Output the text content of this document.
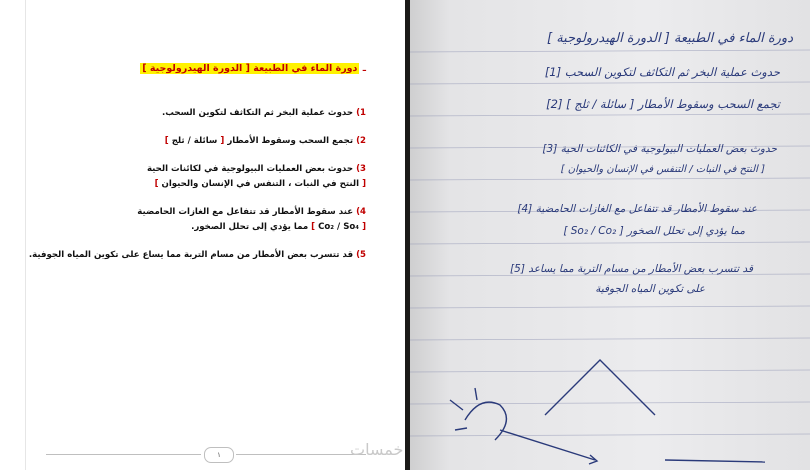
ـ دورة الماء في الطبيعة [ الدورة الهيدرولوجية ]
1) حدوث عملية البخر ثم التكاثف لتكوين السحب.
2) تجمع السحب وسقوط الأمطار [ سائلة / ثلج ]
3) حدوث بعض العمليات البيولوجية في لكائنات الحية
[ النتح في النبات ، التنفس في الإنسان والحيوان ]
4) عند سقوط الأمطار قد تتفاعل مع الغازات الحامضية
[ Co₂ / So₄ ] مما يؤدي إلى تحلل الصخور.
5) قد تتسرب بعض الأمطار من مسام التربة مما يساع على تكوين المياه الجوفية.
١
دورة الماء في الطبيعة [ الدورة الهيدرولوجية ]
[1] حدوث عملية البخر ثم التكاثف لتكوين السحب
[2] تجمع السحب وسقوط الأمطار [ سائلة / ثلج ]
[3] حدوث بعض العمليات البيولوجية في الكائنات الحية
[ النتح في النبات / التنفس في الإنسان والحيوان ]
[4] عند سقوط الأمطار قد تتفاعل مع الغازات الحامضية
[ So₂ / Co₂ ] مما يؤدي إلى تحلل الصخور
[5] قد تتسرب بعض الأمطار من مسام التربة مما يساعد
على تكوين المياه الجوفية
خمسات
